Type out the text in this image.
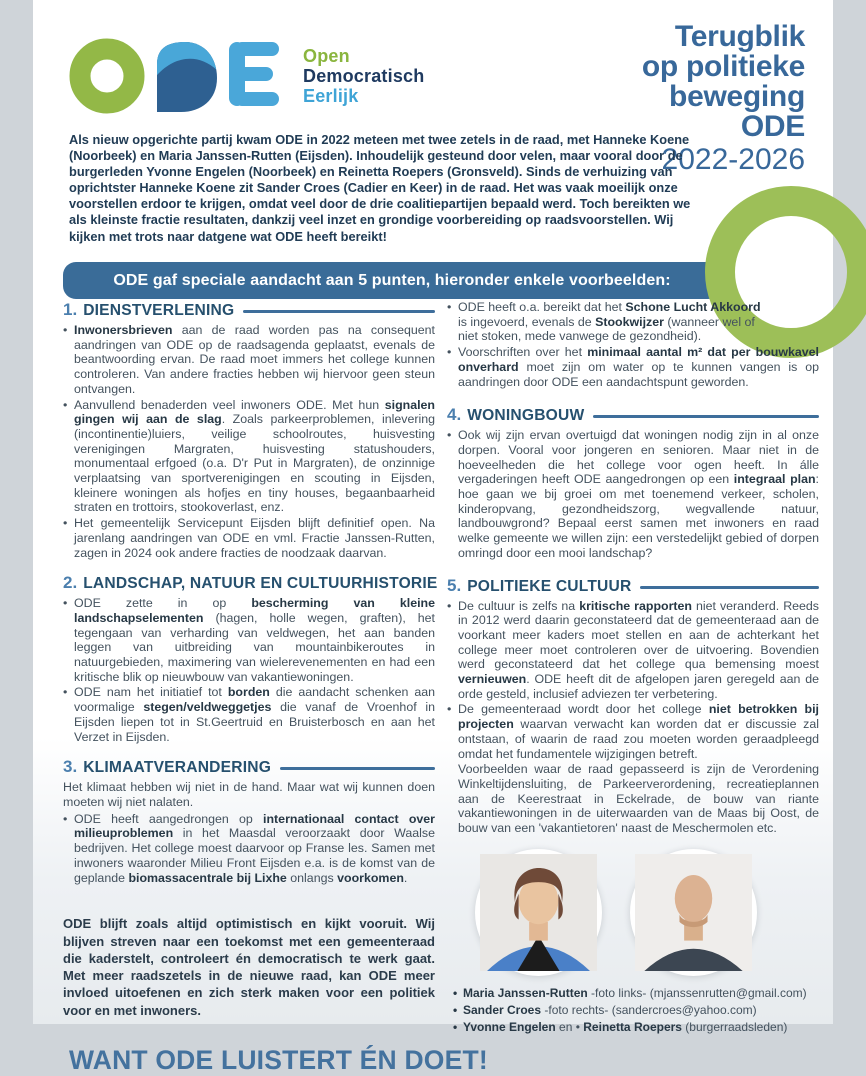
Open
Democratisch
Eerlijk
Terugblik
op politieke
beweging
ODE
2022-2026

Als nieuw opgerichte partij kwam ODE in 2022 meteen met twee zetels in de raad, met Hanneke Koene (Noorbeek) en Maria Janssen-Rutten (Eijsden). Inhoudelijk gesteund door velen, maar vooral door de burgerleden Yvonne Engelen (Noorbeek) en Reinetta Roepers (Gronsveld). Sinds de verhuizing van oprichtster Hanneke Koene zit Sander Croes (Cadier en Keer) in de raad. Het was vaak moeilijk onze voorstellen erdoor te krijgen, omdat veel door de drie coalitiepartijen bepaald werd. Toch bereikten we als kleinste fractie resultaten, dankzij veel inzet en grondige voorbereiding op raadsvoorstellen. Wij kijken met trots naar datgene wat ODE heeft bereikt!

ODE gaf speciale aandacht aan 5 punten, hieronder enkele voorbeelden:
1. DIENSTVERLENING
• Inwonersbrieven aan de raad worden pas na consequent aandringen van ODE op de raadsagenda geplaatst, evenals de beantwoording ervan. De raad moet immers het college kunnen controleren. Van andere fracties hebben wij hiervoor geen steun ontvangen.
• Aanvullend benaderden veel inwoners ODE. Met hun signalen gingen wij aan de slag. Zoals parkeerproblemen, inlevering (incontinentie)luiers, veilige schoolroutes, huisvesting verenigingen Margraten, huisvesting statushouders, monumentaal erfgoed (o.a. D'r Put in Margraten), de onzinnige verplaatsing van sportverenigingen en scouting in Eijsden, kleinere woningen als hofjes en tiny houses, begaanbaarheid straten en trottoirs, stookoverlast, enz.
• Het gemeentelijk Servicepunt Eijsden blijft definitief open. Na jarenlang aandringen van ODE en vml. Fractie Janssen-Rutten, zagen in 2024 ook andere fracties de noodzaak daarvan.
2. LANDSCHAP, NATUUR EN CULTUURHISTORIE
• ODE zette in op bescherming van kleine landschapselementen (hagen, holle wegen, graften), het tegengaan van verharding van veldwegen, het aan banden leggen van uitbreiding van mountainbikeroutes in natuurgebieden, maximering van wielerevenementen en had een kritische blik op nieuwbouw van vakantiewoningen.
• ODE nam het initiatief tot borden die aandacht schenken aan voormalige stegen/veldweggetjes die vanaf de Vroenhof in Eijsden liepen tot in St.Geertruid en Bruisterbosch en aan het Verzet in Eijsden.
3. KLIMAATVERANDERING

Het klimaat hebben wij niet in de hand. Maar wat wij kunnen doen moeten wij niet nalaten.

• ODE heeft aangedrongen op internationaal contact over milieuproblemen in het Maasdal veroorzaakt door Waalse bedrijven. Het college moest daarvoor op Franse les. Samen met inwoners waaronder Milieu Front Eijsden e.a. is de komst van de geplande biomassacentrale bij Lixhe onlangs voorkomen.

ODE blijft zoals altijd optimistisch en kijkt vooruit. Wij blijven streven naar een toekomst met een gemeenteraad die kaderstelt, controleert én democratisch te werk gaat. Met meer raadszetels in de nieuwe raad, kan ODE meer invloed uitoefenen en zich sterk maken voor een politiek voor en met inwoners.

WANT ODE LUISTERT ÉN DOET!
• ODE heeft o.a. bereikt dat het Schone Lucht Akkoord is ingevoerd, evenals de Stookwijzer (wanneer wel of niet stoken, mede vanwege de gezondheid).
• Voorschriften over het minimaal aantal m² dat per bouwkavel onverhard moet zijn om water op te kunnen vangen is op aandringen door ODE een aandachtspunt geworden.
4. WONINGBOUW
• Ook wij zijn ervan overtuigd dat woningen nodig zijn in al onze dorpen. Vooral voor jongeren en senioren. Maar niet in de hoeveelheden die het college voor ogen heeft. In álle vergaderingen heeft ODE aangedrongen op een integraal plan: hoe gaan we bij groei om met toenemend verkeer, scholen, kinderopvang, gezondheidszorg, wegvallende natuur, landbouwgrond? Bepaal eerst samen met inwoners en raad welke gemeente we willen zijn: een verstedelijkt gebied of dorpen omringd door een mooi landschap?
5. POLITIEKE CULTUUR
• De cultuur is zelfs na kritische rapporten niet veranderd. Reeds in 2012 werd daarin geconstateerd dat de gemeenteraad aan de voorkant meer kaders moet stellen en aan de achterkant het college meer moet controleren over de uitvoering. Bovendien werd geconstateerd dat het college qua bemensing moest vernieuwen. ODE heeft dit de afgelopen jaren geregeld aan de orde gesteld, inclusief adviezen ter verbetering.
• De gemeenteraad wordt door het college niet betrokken bij projecten waarvan verwacht kan worden dat er discussie zal ontstaan, of waarin de raad zou moeten worden geraadpleegd omdat het fundamentele wijzigingen betreft.

Voorbeelden waar de raad gepasseerd is zijn de Verordening Winkeltijdensluiting, de Parkeerverordening, recreatieplannen aan de Keerestraat in Eckelrade, de bouw van riante vakantiewoningen in de uiterwaarden van de Maas bij Oost, de bouw van een 'vakantietoren' naast de Meschermolen etc.

• Maria Janssen-Rutten -foto links- (mjanssenrutten@gmail.com)
• Sander Croes -foto rechts- (sandercroes@yahoo.com)
• Yvonne Engelen en • Reinetta Roepers (burgerraadsleden)
